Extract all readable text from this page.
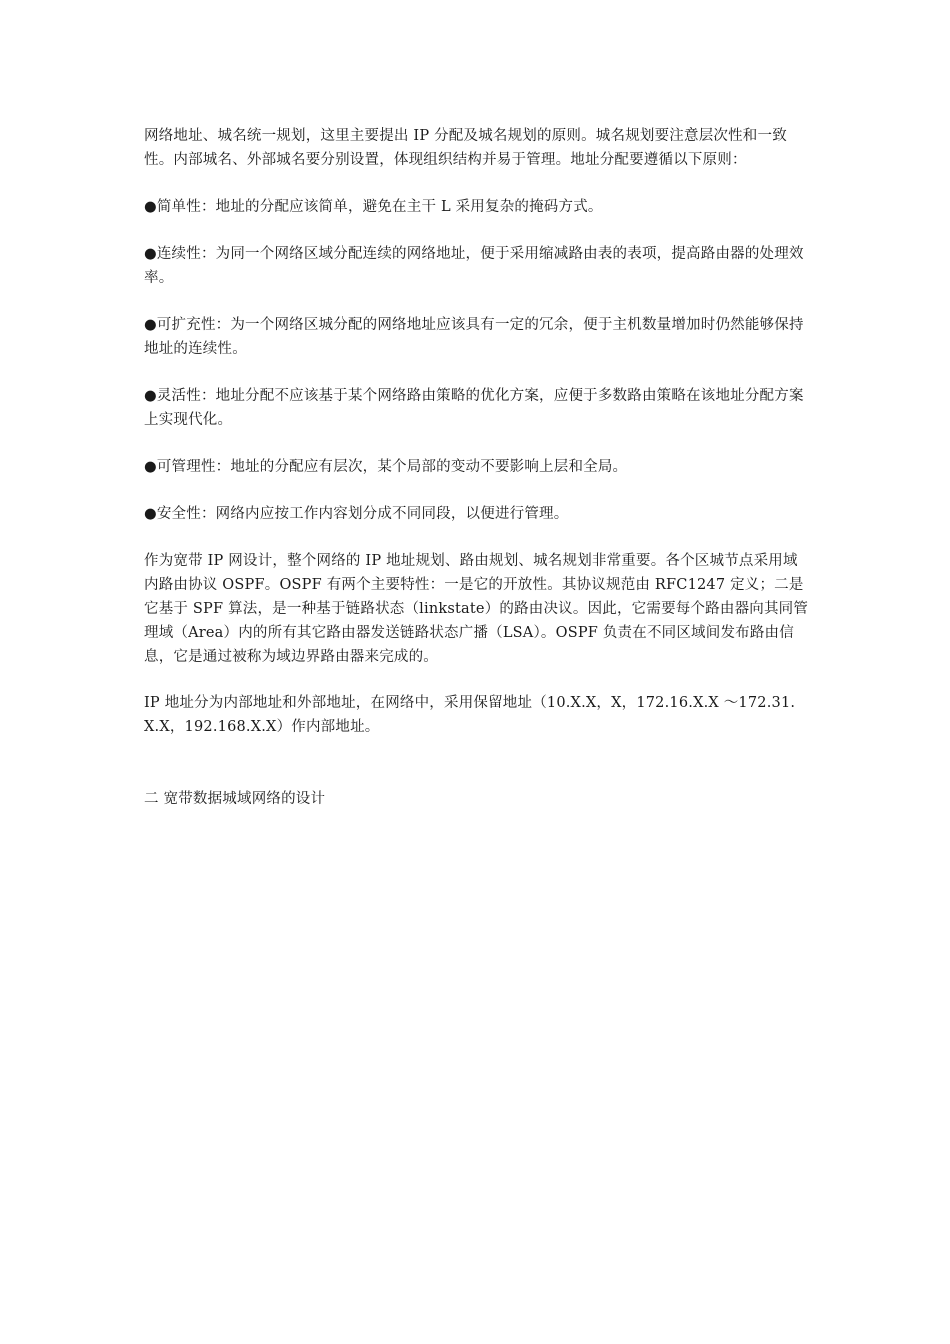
网络地址、城名统一规划，这里主要提出 IP 分配及城名规划的原则。城名规划要注意层次性和一致性。内部城名、外部城名要分别设置，体现组织结构并易于管理。地址分配要遵循以下原则：

●简单性：地址的分配应该简单，避免在主干 L 采用复杂的掩码方式。

●连续性：为同一个网络区域分配连续的网络地址，便于采用缩减路由表的表项，提高路由器的处理效率。

●可扩充性：为一个网络区城分配的网络地址应该具有一定的冗余，便于主机数量增加时仍然能够保持地址的连续性。

●灵活性：地址分配不应该基于某个网络路由策略的优化方案，应便于多数路由策略在该地址分配方案上实现代化。

●可管理性：地址的分配应有层次，某个局部的变动不要影响上层和全局。

●安全性：网络内应按工作内容划分成不同同段，以便进行管理。

作为宽带 IP 网设计，整个网络的 IP 地址规划、路由规划、城名规划非常重要。各个区城节点采用域内路由协议 OSPF。OSPF 有两个主要特性：一是它的开放性。其协议规范由 RFC1247 定义；二是它基于 SPF 算法，是一种基于链路状态（linkstate）的路由决议。因此，它需要每个路由器向其同管理域（Area）内的所有其它路由器发送链路状态广播（LSA）。OSPF 负责在不同区域间发布路由信息，它是通过被称为域边界路由器来完成的。

IP 地址分为内部地址和外部地址，在网络中，采用保留地址（10.X.X，X，172.16.X.X ～172.31.X.X，192.168.X.X）作内部地址。

二 宽带数据城域网络的设计
